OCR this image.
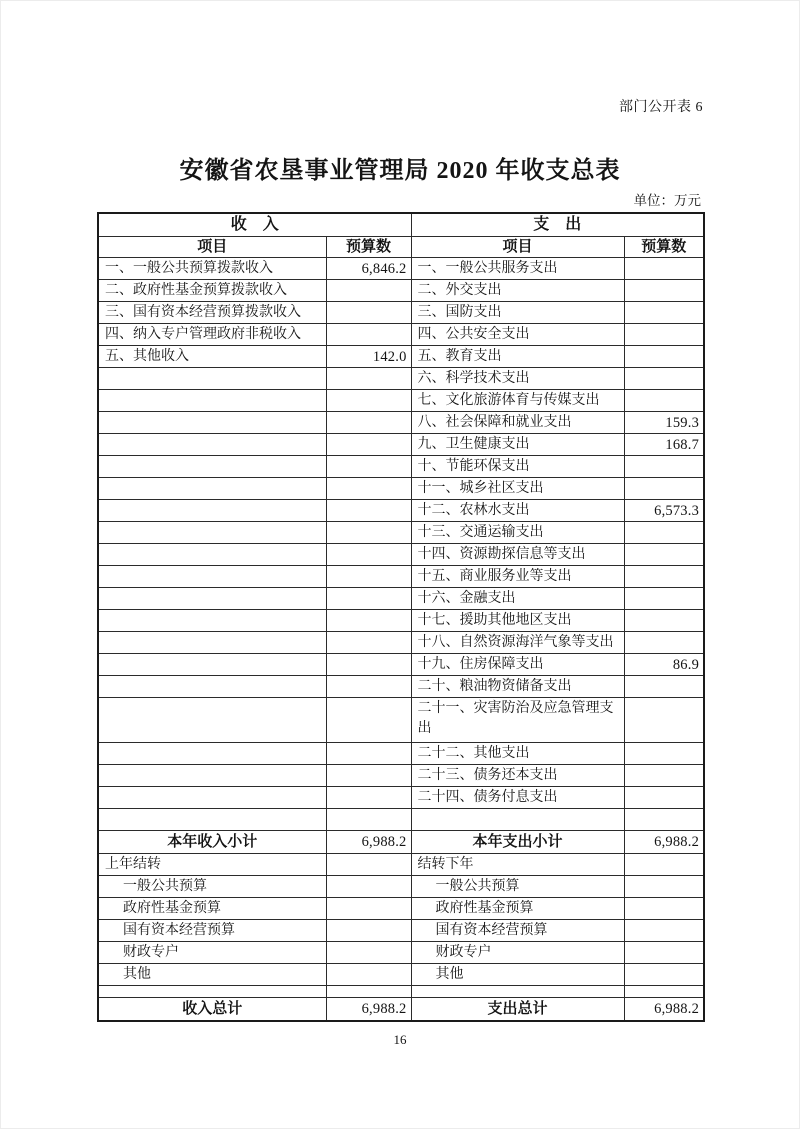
部门公开表 6
安徽省农垦事业管理局 2020 年收支总表
单位：万元
收　入		支　出	
项目	预算数	项目	预算数
一、一般公共预算拨款收入	6,846.2	一、一般公共服务支出	
二、政府性基金预算拨款收入		二、外交支出	
三、国有资本经营预算拨款收入		三、国防支出	
四、纳入专户管理政府非税收入		四、公共安全支出	
五、其他收入	142.0	五、教育支出	
		六、科学技术支出	
		七、文化旅游体育与传媒支出	
		八、社会保障和就业支出	159.3
		九、卫生健康支出	168.7
		十、节能环保支出	
		十一、城乡社区支出	
		十二、农林水支出	6,573.3
		十三、交通运输支出	
		十四、资源勘探信息等支出	
		十五、商业服务业等支出	
		十六、金融支出	
		十七、援助其他地区支出	
		十八、自然资源海洋气象等支出	
		十九、住房保障支出	86.9
		二十、粮油物资储备支出	
		二十一、灾害防治及应急管理支出	
		二十二、其他支出	
		二十三、债务还本支出	
		二十四、债务付息支出	

本年收入小计	6,988.2	本年支出小计	6,988.2
上年结转		结转下年	
一般公共预算		一般公共预算	
政府性基金预算		政府性基金预算	
国有资本经营预算		国有资本经营预算	
财政专户		财政专户	
其他		其他	

收入总计	6,988.2	支出总计	6,988.2
16
